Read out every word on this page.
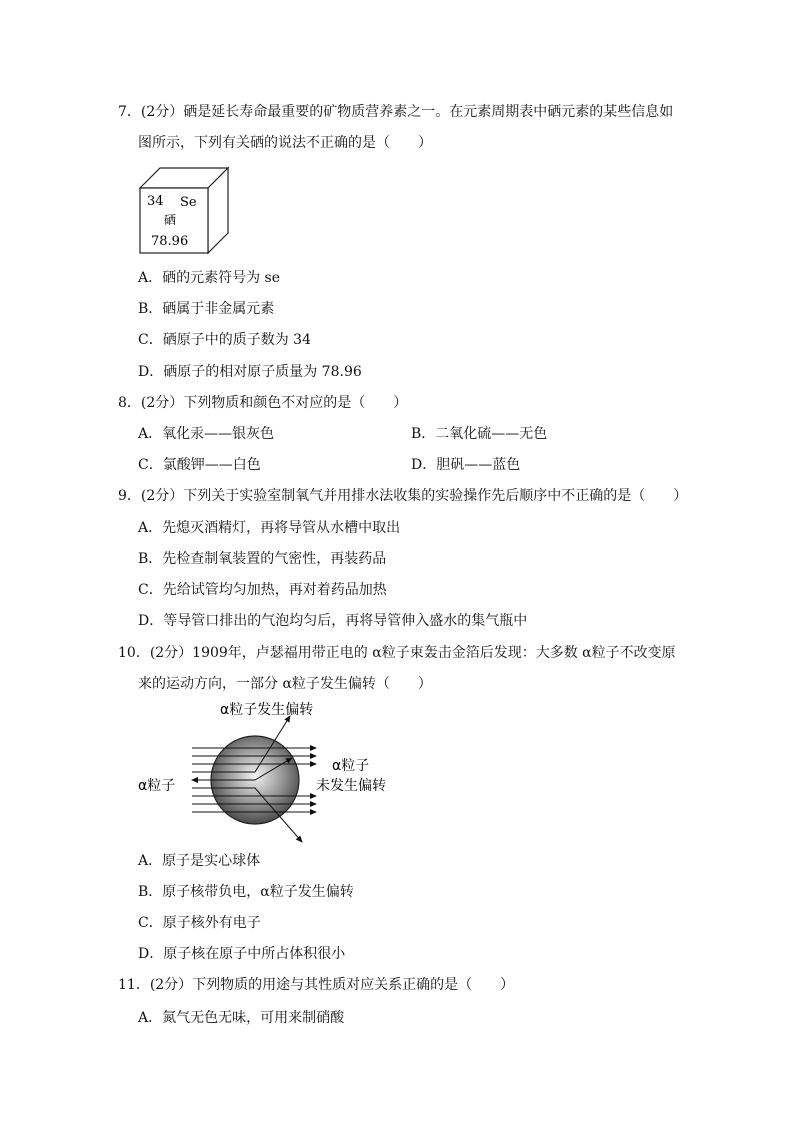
7．(2分）硒是延长寿命最重要的矿物质营养素之一。在元素周期表中硒元素的某些信息如
图所示，下列有关硒的说法不正确的是（　　）
34 Se
硒
78.96
A．硒的元素符号为 se
B．硒属于非金属元素
C．硒原子中的质子数为 34
D．硒原子的相对原子质量为 78.96
8．(2分）下列物质和颜色不对应的是（　　）
A．氧化汞——银灰色	B．二氧化硫——无色
C．氯酸钾——白色	D．胆矾——蓝色
9．(2分）下列关于实验室制氧气并用排水法收集的实验操作先后顺序中不正确的是（　　）
A．先熄灭酒精灯，再将导管从水槽中取出
B．先检查制氧装置的气密性，再装药品
C．先给试管均匀加热，再对着药品加热
D．等导管口排出的气泡均匀后，再将导管伸入盛水的集气瓶中
10．(2分）1909年，卢瑟福用带正电的 α粒子束轰击金箔后发现：大多数 α粒子不改变原
来的运动方向，一部分 α粒子发生偏转（　　）
α粒子发生偏转
α粒子
α粒子
未发生偏转
A．原子是实心球体
B．原子核带负电，α粒子发生偏转
C．原子核外有电子
D．原子核在原子中所占体积很小
11．(2分）下列物质的用途与其性质对应关系正确的是（　　）
A．氮气无色无味，可用来制硝酸
